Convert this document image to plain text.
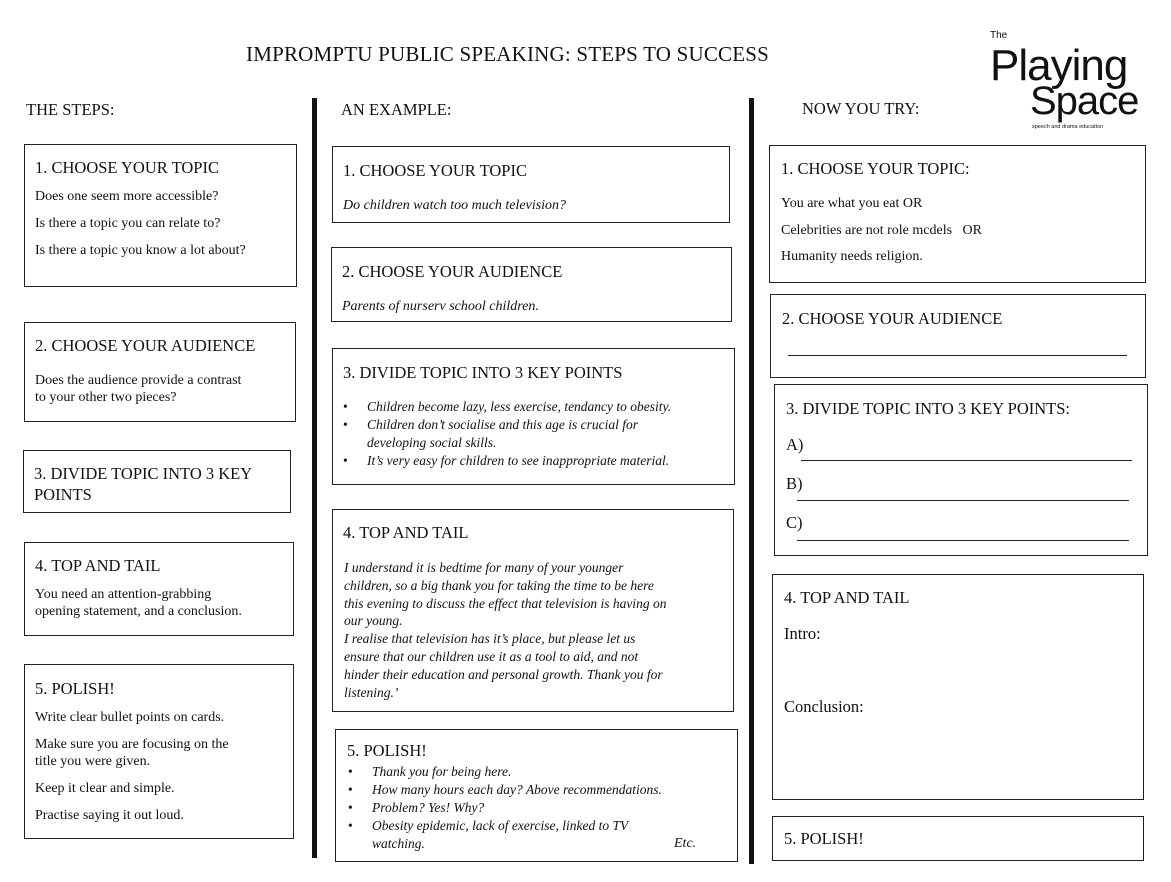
IMPROMPTU PUBLIC SPEAKING: STEPS TO SUCCESS
The
Playing
Space
speech and drama education
THE STEPS:	AN EXAMPLE:	NOW YOU TRY:
1. CHOOSE YOUR TOPIC
Does one seem more accessible?
Is there a topic you can relate to?
Is there a topic you know a lot about?
2. CHOOSE YOUR AUDIENCE
Does the audience provide a contrast
to your other two pieces?
3. DIVIDE TOPIC INTO 3 KEY
POINTS
4. TOP AND TAIL
You need an attention-grabbing
opening statement, and a conclusion.
5. POLISH!
Write clear bullet points on cards.
Make sure you are focusing on the
title you were given.
Keep it clear and simple.
Practise saying it out loud.
1. CHOOSE YOUR TOPIC
Do children watch too much television?
2. CHOOSE YOUR AUDIENCE
Parents of nurserv school children.
3. DIVIDE TOPIC INTO 3 KEY POINTS
• Children become lazy, less exercise, tendancy to obesity.
• Children don’t socialise and this age is crucial for
developing social skills.
• It’s very easy for children to see inappropriate material.
4. TOP AND TAIL
I understand it is bedtime for many of your younger
children, so a big thank you for taking the time to be here
this evening to discuss the effect that television is having on
our young.
I realise that television has it’s place, but please let us
ensure that our children use it as a tool to aid, and not
hinder their education and personal growth. Thank you for
listening.’
5. POLISH!
• Thank you for being here.
• How many hours each day? Above recommendations.
• Problem? Yes! Why?
• Obesity epidemic, lack of exercise, linked to TV
watching.	Etc.
1. CHOOSE YOUR TOPIC:
You are what you eat OR
Celebrities are not role mcdels   OR
Humanity needs religion.
2. CHOOSE YOUR AUDIENCE
3. DIVIDE TOPIC INTO 3 KEY POINTS:
A)
B)
C)
4. TOP AND TAIL
Intro:
Conclusion:
5. POLISH!
